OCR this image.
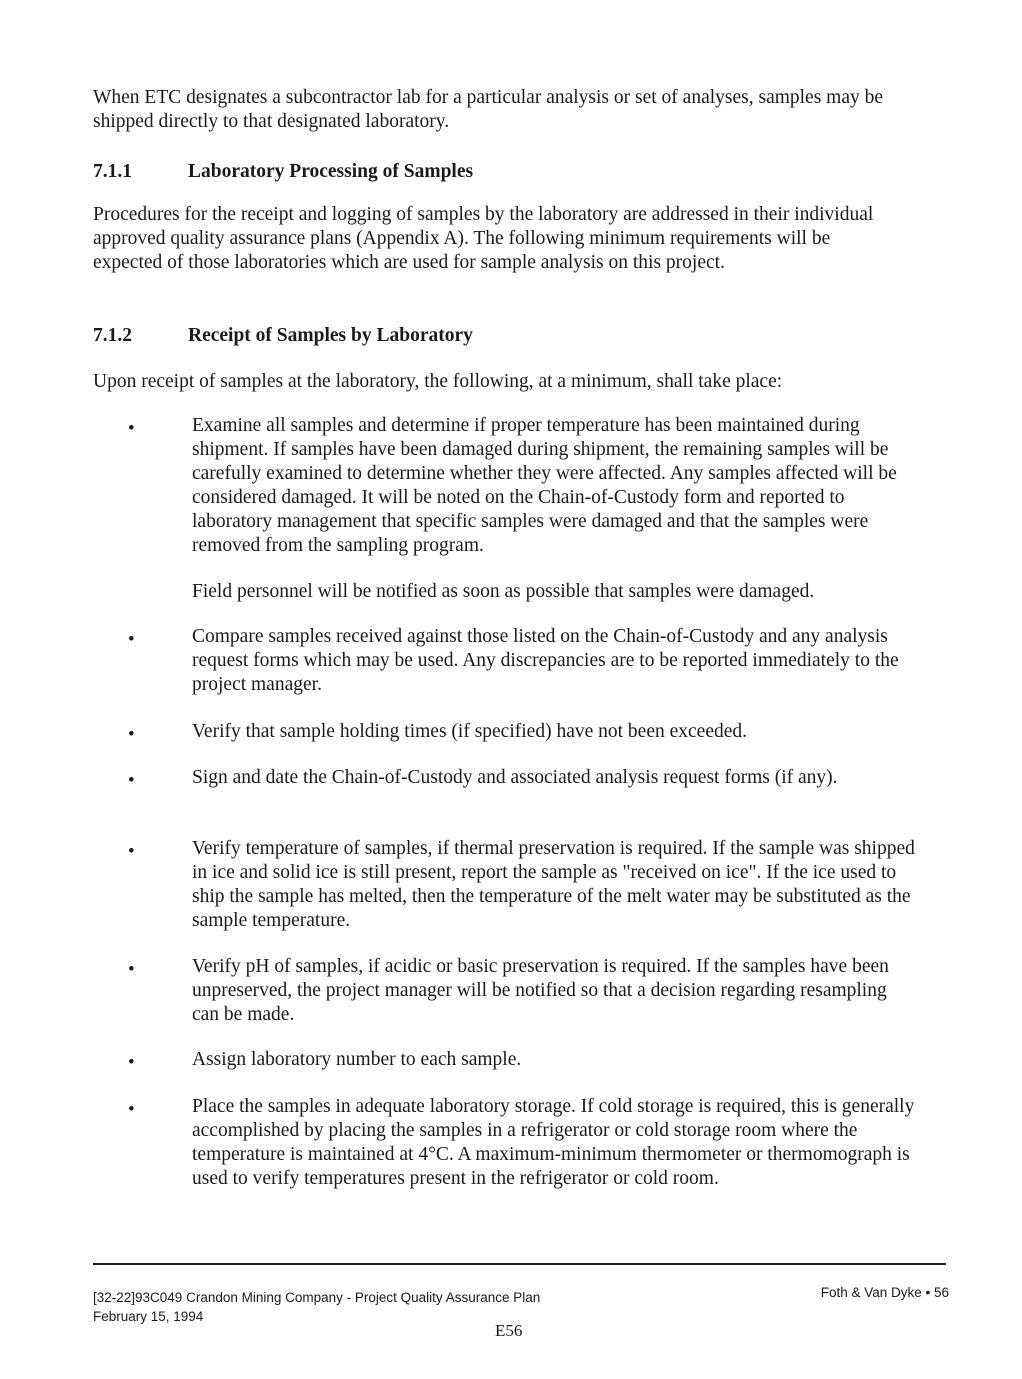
When ETC designates a subcontractor lab for a particular analysis or set of analyses, samples may be shipped directly to that designated laboratory.

7.1.1	Laboratory Processing of Samples

Procedures for the receipt and logging of samples by the laboratory are addressed in their individual approved quality assurance plans (Appendix A). The following minimum requirements will be expected of those laboratories which are used for sample analysis on this project.

7.1.2	Receipt of Samples by Laboratory

Upon receipt of samples at the laboratory, the following, at a minimum, shall take place:

•	Examine all samples and determine if proper temperature has been maintained during shipment. If samples have been damaged during shipment, the remaining samples will be carefully examined to determine whether they were affected. Any samples affected will be considered damaged. It will be noted on the Chain-of-Custody form and reported to laboratory management that specific samples were damaged and that the samples were removed from the sampling program.

Field personnel will be notified as soon as possible that samples were damaged.

•	Compare samples received against those listed on the Chain-of-Custody and any analysis request forms which may be used. Any discrepancies are to be reported immediately to the project manager.

•	Verify that sample holding times (if specified) have not been exceeded.

•	Sign and date the Chain-of-Custody and associated analysis request forms (if any).

•	Verify temperature of samples, if thermal preservation is required. If the sample was shipped in ice and solid ice is still present, report the sample as "received on ice". If the ice used to ship the sample has melted, then the temperature of the melt water may be substituted as the sample temperature.

•	Verify pH of samples, if acidic or basic preservation is required. If the samples have been unpreserved, the project manager will be notified so that a decision regarding resampling can be made.

•	Assign laboratory number to each sample.

•	Place the samples in adequate laboratory storage. If cold storage is required, this is generally accomplished by placing the samples in a refrigerator or cold storage room where the temperature is maintained at 4°C. A maximum-minimum thermometer or thermomograph is used to verify temperatures present in the refrigerator or cold room.

[32-22]93C049 Crandon Mining Company - Project Quality Assurance Plan

February 15, 1994

Foth & Van Dyke • 56

E56
